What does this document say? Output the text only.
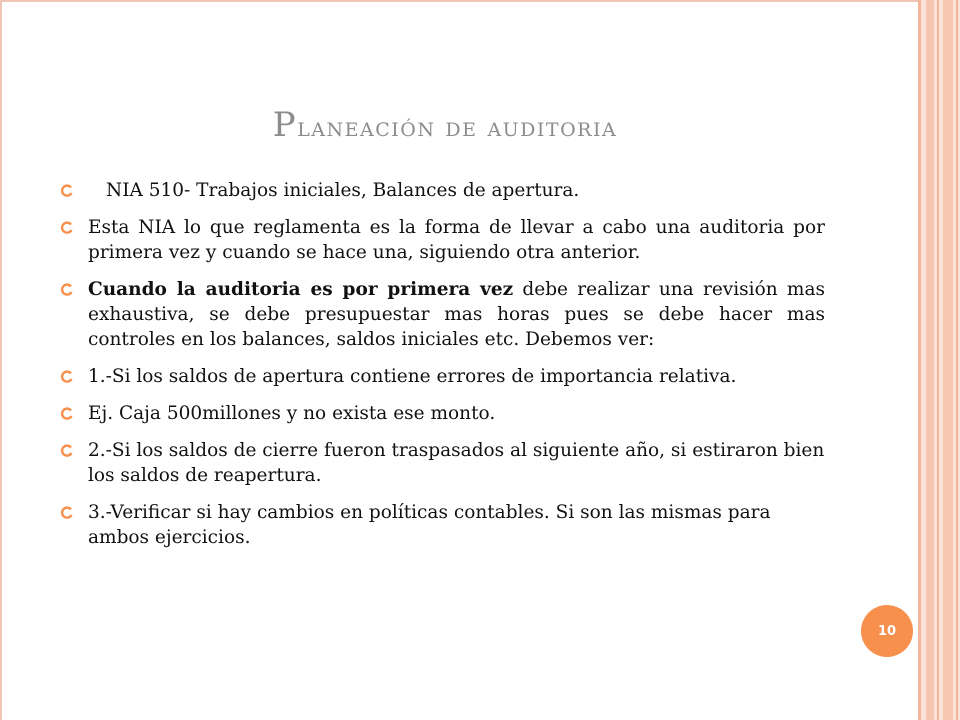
Planeación de auditoria
NIA 510- Trabajos iniciales, Balances de apertura.
Esta NIA lo que reglamenta es la forma de llevar a cabo una auditoria por primera vez y cuando se hace una, siguiendo otra anterior.
Cuando la auditoria es por primera vez debe realizar una revisión mas exhaustiva, se debe presupuestar mas horas pues se debe hacer mas controles en los balances, saldos iniciales etc. Debemos ver:
1.-Si los saldos de apertura contiene errores de importancia relativa.
Ej. Caja 500millones y no exista ese monto.
2.-Si los saldos de cierre fueron traspasados al siguiente año, si estiraron bien los saldos de reapertura.
3.-Verificar si hay cambios en políticas contables. Si son las mismas para ambos ejercicios.
10
